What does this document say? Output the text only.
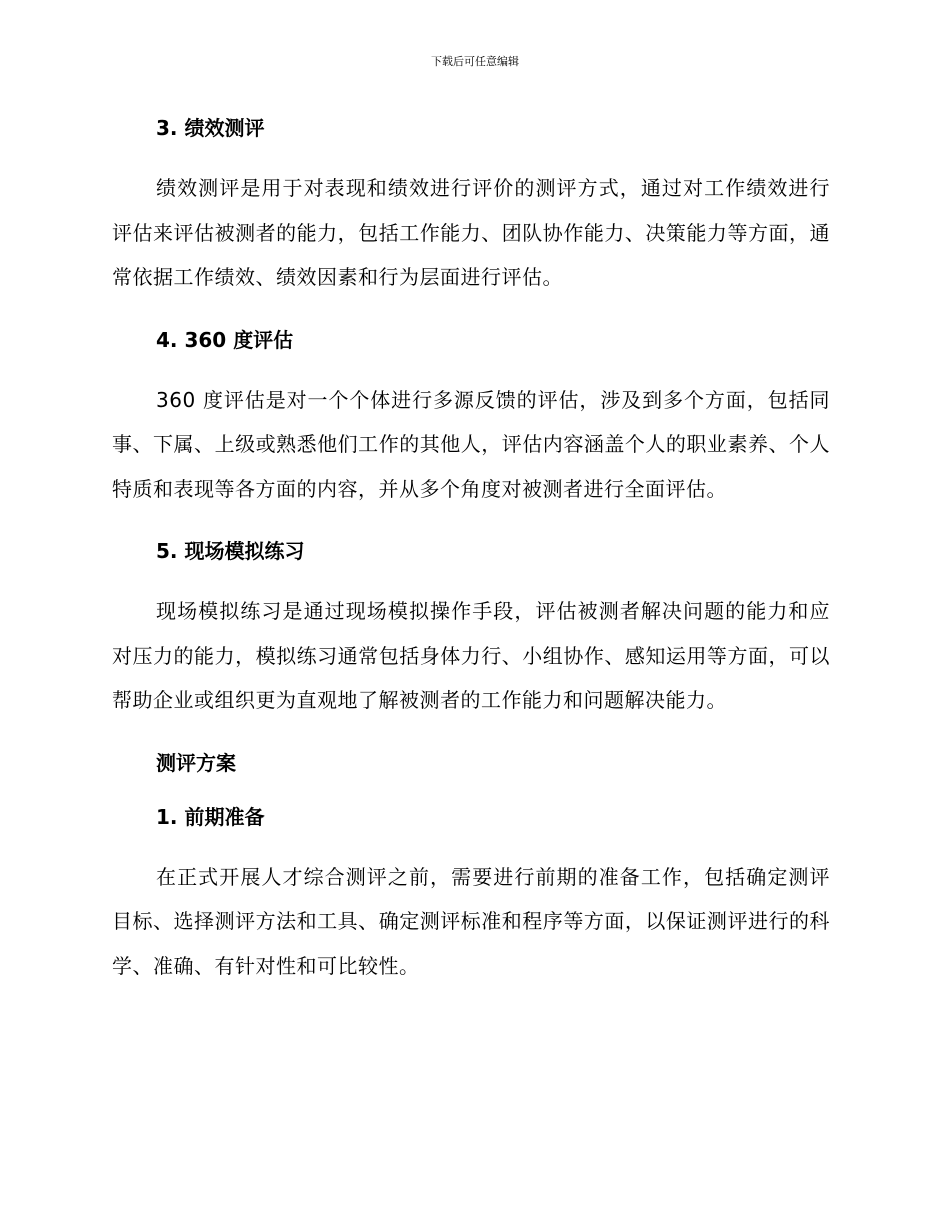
下载后可任意编辑
3. 绩效测评

绩效测评是用于对表现和绩效进行评价的测评方式，通过对工作绩效进行评估来评估被测者的能力，包括工作能力、团队协作能力、决策能力等方面，通常依据工作绩效、绩效因素和行为层面进行评估。

4. 360 度评估

360 度评估是对一个个体进行多源反馈的评估，涉及到多个方面，包括同事、下属、上级或熟悉他们工作的其他人，评估内容涵盖个人的职业素养、个人特质和表现等各方面的内容，并从多个角度对被测者进行全面评估。

5. 现场模拟练习

现场模拟练习是通过现场模拟操作手段，评估被测者解决问题的能力和应对压力的能力，模拟练习通常包括身体力行、小组协作、感知运用等方面，可以帮助企业或组织更为直观地了解被测者的工作能力和问题解决能力。

测评方案
1. 前期准备

在正式开展人才综合测评之前，需要进行前期的准备工作，包括确定测评目标、选择测评方法和工具、确定测评标准和程序等方面，以保证测评进行的科学、准确、有针对性和可比较性。
